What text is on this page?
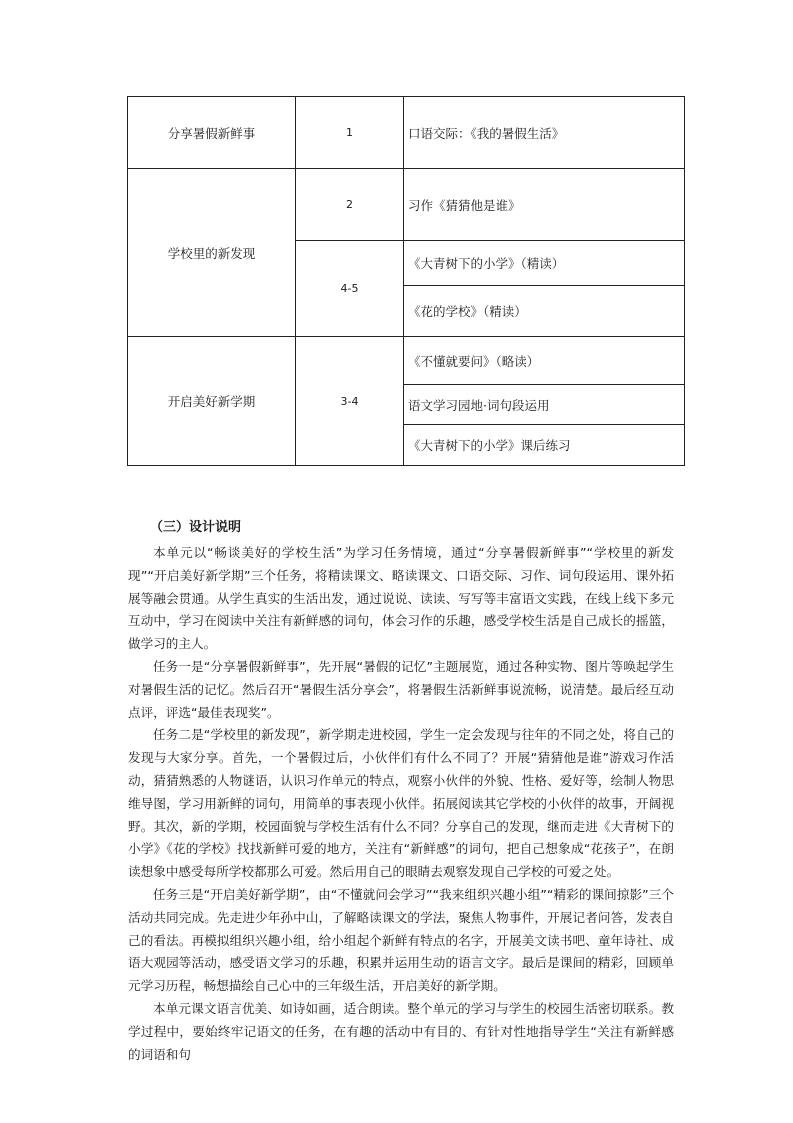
分享暑假新鲜事	1	口语交际：《我的暑假生活》
学校里的新发现	2	习作《猜猜他是谁》
	4-5	《大青树下的小学》（精读）
		《花的学校》（精读）
开启美好新学期	3-4	《不懂就要问》（略读）
		语文学习园地·词句段运用
		《大青树下的小学》课后练习
（三）设计说明

本单元以“畅谈美好的学校生活”为学习任务情境，通过“分享暑假新鲜事”“学校里的新发现”“开启美好新学期”三个任务，将精读课文、略读课文、口语交际、习作、词句段运用、课外拓展等融会贯通。从学生真实的生活出发，通过说说、读读、写写等丰富语文实践，在线上线下多元互动中，学习在阅读中关注有新鲜感的词句，体会习作的乐趣，感受学校生活是自己成长的摇篮，做学习的主人。

任务一是“分享暑假新鲜事”，先开展“暑假的记忆”主题展览，通过各种实物、图片等唤起学生对暑假生活的记忆。然后召开“暑假生活分享会”，将暑假生活新鲜事说流畅，说清楚。最后经互动点评，评选“最佳表现奖”。

任务二是“学校里的新发现”，新学期走进校园，学生一定会发现与往年的不同之处，将自己的发现与大家分享。首先，一个暑假过后，小伙伴们有什么不同了？开展“猜猜他是谁”游戏习作活动，猜猜熟悉的人物谜语，认识习作单元的特点，观察小伙伴的外貌、性格、爱好等，绘制人物思维导图，学习用新鲜的词句，用简单的事表现小伙伴。拓展阅读其它学校的小伙伴的故事，开阔视野。其次，新的学期，校园面貌与学校生活有什么不同？分享自己的发现，继而走进《大青树下的小学》《花的学校》找找新鲜可爱的地方，关注有“新鲜感”的词句，把自己想象成“花孩子”，在朗读想象中感受每所学校都那么可爱。然后用自己的眼睛去观察发现自己学校的可爱之处。

任务三是“开启美好新学期”，由“不懂就问会学习”“我来组织兴趣小组”“精彩的课间掠影”三个活动共同完成。先走进少年孙中山，了解略读课文的学法，聚焦人物事件，开展记者问答，发表自己的看法。再模拟组织兴趣小组，给小组起个新鲜有特点的名字，开展美文读书吧、童年诗社、成语大观园等活动，感受语文学习的乐趣，积累并运用生动的语言文字。最后是课间的精彩，回顾单元学习历程，畅想描绘自己心中的三年级生活，开启美好的新学期。

本单元课文语言优美、如诗如画，适合朗读。整个单元的学习与学生的校园生活密切联系。教学过程中，要始终牢记语文的任务，在有趣的活动中有目的、有针对性地指导学生“关注有新鲜感的词语和句
